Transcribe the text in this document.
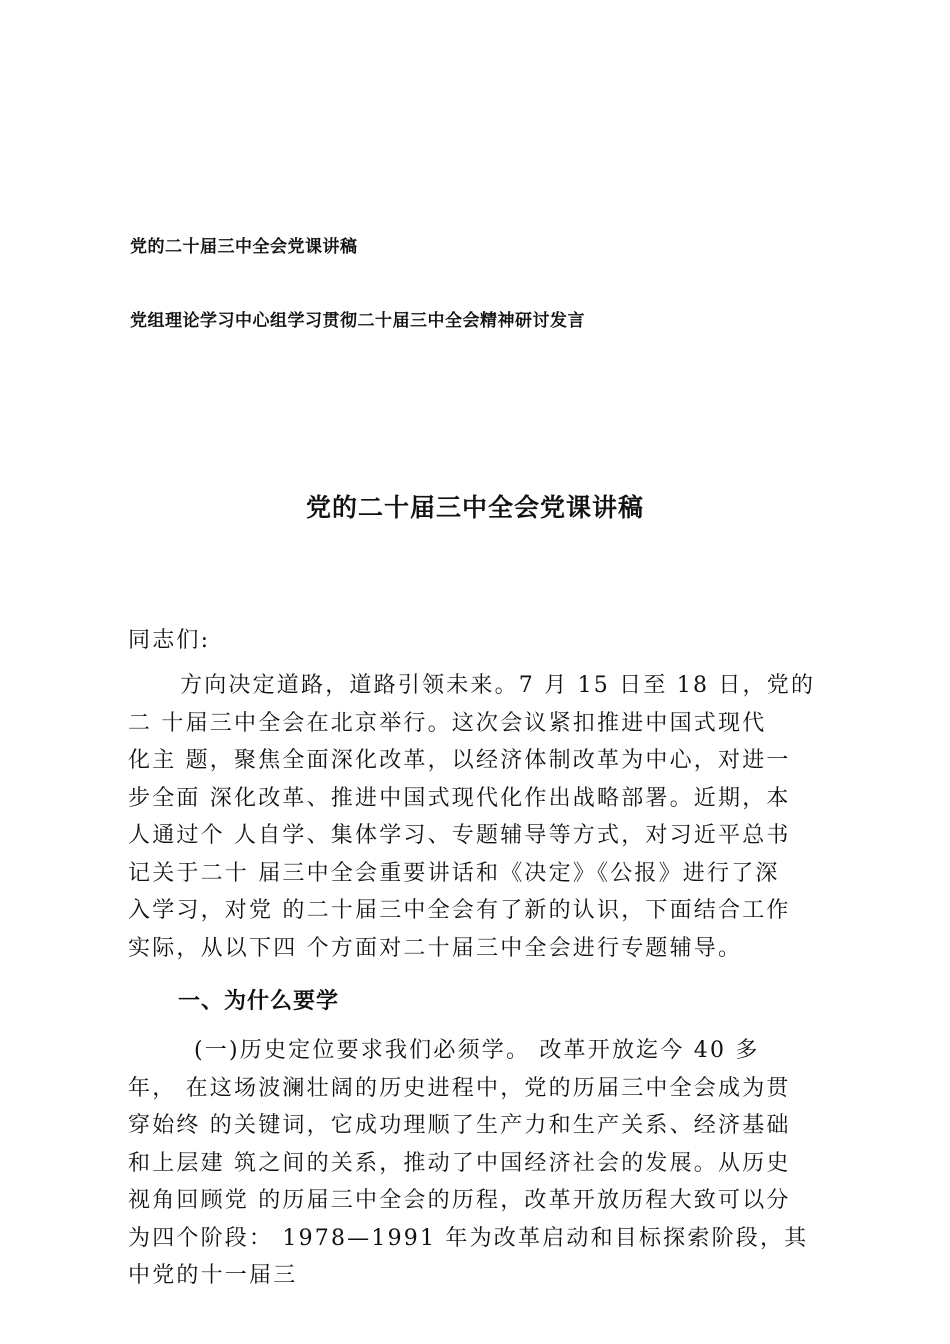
党的二十届三中全会党课讲稿
党组理论学习中心组学习贯彻二十届三中全会精神研讨发言
党的二十届三中全会党课讲稿
同志们:
方向决定道路，道路引领未来。7 月 15 日至 18 日，党的
二 十届三中全会在北京举行。这次会议紧扣推进中国式现代
化主 题，聚焦全面深化改革，以经济体制改革为中心，对进一
步全面 深化改革、推进中国式现代化作出战略部署。近期，本
人通过个 人自学、集体学习、专题辅导等方式，对习近平总书
记关于二十 届三中全会重要讲话和《决定》《公报》进行了深
入学习，对党 的二十届三中全会有了新的认识，下面结合工作
实际，从以下四 个方面对二十届三中全会进行专题辅导。
一、为什么要学
(一)历史定位要求我们必须学。 改革开放迄今 40 多
年， 在这场波澜壮阔的历史进程中，党的历届三中全会成为贯
穿始终 的关键词，它成功理顺了生产力和生产关系、经济基础
和上层建 筑之间的关系，推动了中国经济社会的发展。从历史
视角回顾党 的历届三中全会的历程，改革开放历程大致可以分
为四个阶段： 1978—1991 年为改革启动和目标探索阶段，其
中党的十一届三
